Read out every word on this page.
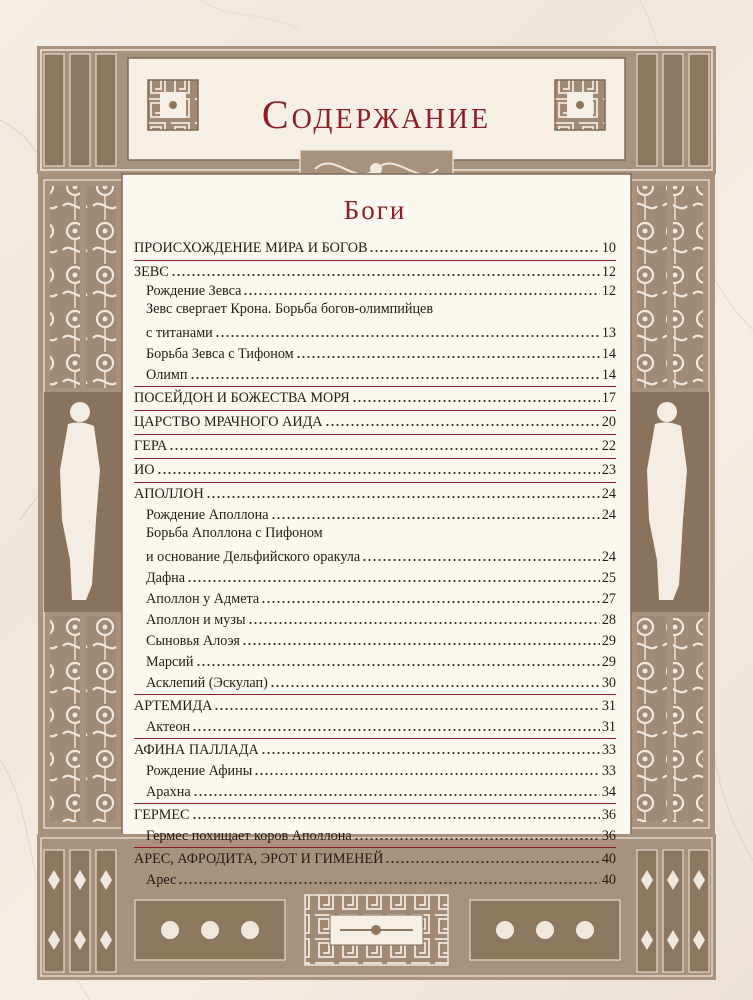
Содержание
Боги
ПРОИСХОЖДЕНИЕ МИРА И БОГОВ	10
ЗЕВС	12
Рождение Зевса	12
Зевс свергает Крона. Борьба богов-олимпийцев
с титанами	13
Борьба Зевса с Тифоном	14
Олимп	14
ПОСЕЙДОН И БОЖЕСТВА МОРЯ	17
ЦАРСТВО МРАЧНОГО АИДА	20
ГЕРА	22
ИО	23
АПОЛЛОН	24
Рождение Аполлона	24
Борьба Аполлона с Пифоном
и основание Дельфийского оракула	24
Дафна	25
Аполлон у Адмета	27
Аполлон и музы	28
Сыновья Алоэя	29
Марсий	29
Асклепий (Эскулап)	30
АРТЕМИДА	31
Актеон	31
АФИНА ПАЛЛАДА	33
Рождение Афины	33
Арахна	34
ГЕРМЕС	36
Гермес похищает коров Аполлона	36
АРЕС, АФРОДИТА, ЭРОТ И ГИМЕНЕЙ	40
Арес	40
